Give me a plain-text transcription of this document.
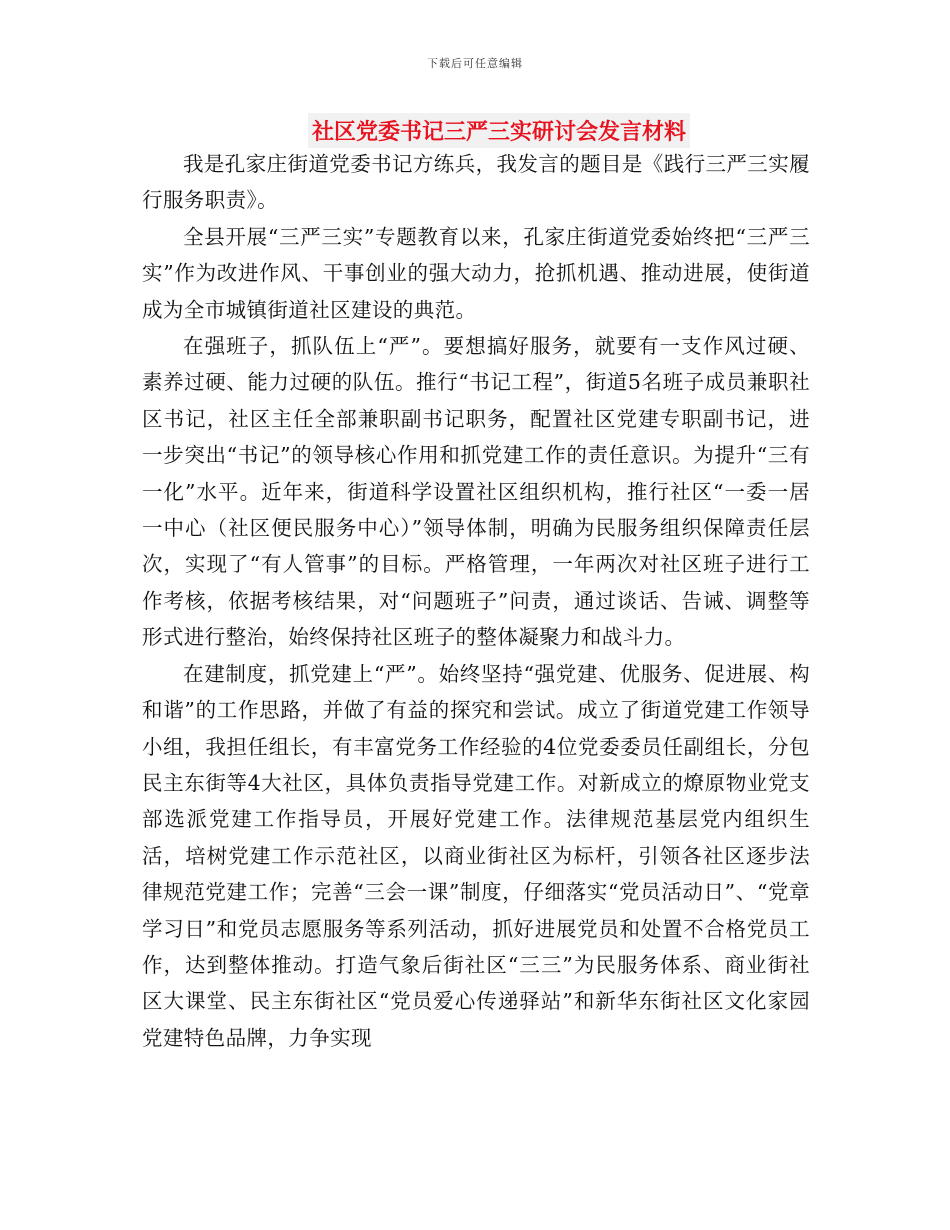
下载后可任意编辑
社区党委书记三严三实研讨会发言材料

我是孔家庄街道党委书记方练兵，我发言的题目是《践行三严三实履行服务职责》。

全县开展“三严三实”专题教育以来，孔家庄街道党委始终把“三严三实”作为改进作风、干事创业的强大动力，抢抓机遇、推动进展，使街道成为全市城镇街道社区建设的典范。

在强班子，抓队伍上“严”。要想搞好服务，就要有一支作风过硬、素养过硬、能力过硬的队伍。推行“书记工程”，街道5名班子成员兼职社区书记，社区主任全部兼职副书记职务，配置社区党建专职副书记，进一步突出“书记”的领导核心作用和抓党建工作的责任意识。为提升“三有一化”水平。近年来，街道科学设置社区组织机构，推行社区“一委一居一中心（社区便民服务中心）”领导体制，明确为民服务组织保障责任层次，实现了“有人管事”的目标。严格管理，一年两次对社区班子进行工作考核，依据考核结果，对“问题班子”问责，通过谈话、告诫、调整等形式进行整治，始终保持社区班子的整体凝聚力和战斗力。

在建制度，抓党建上“严”。始终坚持“强党建、优服务、促进展、构和谐”的工作思路，并做了有益的探究和尝试。成立了街道党建工作领导小组，我担任组长，有丰富党务工作经验的4位党委委员任副组长，分包民主东街等4大社区，具体负责指导党建工作。对新成立的燎原物业党支部选派党建工作指导员，开展好党建工作。法律规范基层党内组织生活，培树党建工作示范社区，以商业街社区为标杆，引领各社区逐步法律规范党建工作；完善“三会一课”制度，仔细落实“党员活动日”、“党章学习日”和党员志愿服务等系列活动，抓好进展党员和处置不合格党员工作，达到整体推动。打造气象后街社区“三三”为民服务体系、商业街社区大课堂、民主东街社区“党员爱心传递驿站”和新华东街社区文化家园党建特色品牌，力争实现
